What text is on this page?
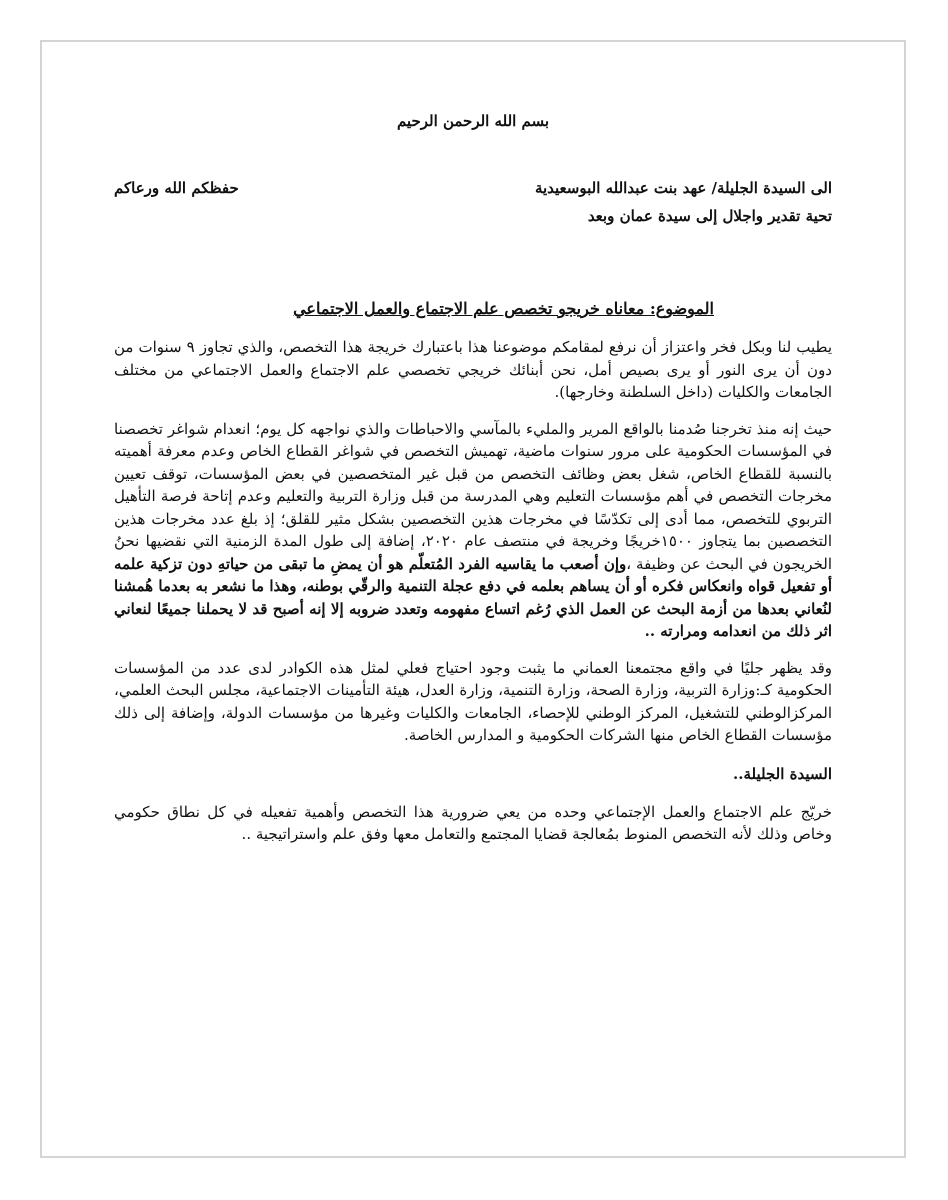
بسم الله الرحمن الرحيم
الى السيدة الجليلة/ عهد بنت عبدالله البوسعيدية
حفظكم الله ورعاكم
تحية تقدير واجلال إلى سيدة عمان وبعد
الموضوع: معاناه خريجو تخصص علم الاجتماع والعمل الاجتماعي

يطيب لنا وبكل فخر واعتزاز أن نرفع لمقامكم موضوعنا هذا باعتبارك خريجة هذا التخصص، والذي تجاوز ٩ سنوات من دون أن يرى النور أو يرى بصيص أمل، نحن أبنائك خريجي تخصصي علم الاجتماع والعمل الاجتماعي من مختلف الجامعات والكليات (داخل السلطنة وخارجها).

حيث إنه منذ تخرجنا صُدمنا بالواقع المرير والمليء بالمآسي والاحباطات والذي نواجهه كل يوم؛ انعدام شواغر تخصصنا في المؤسسات الحكومية على مرور سنوات ماضية، تهميش التخصص في شواغر القطاع الخاص وعدم معرفة أهميته بالنسبة للقطاع الخاص، شغل بعض وظائف التخصص من قبل غير المتخصصين في بعض المؤسسات، توقف تعيين مخرجات التخصص في أهم مؤسسات التعليم وهي المدرسة من قبل وزارة التربية والتعليم وعدم إتاحة فرصة التأهيل التربوي للتخصص، مما أدى إلى تكدّسًا في مخرجات هذين التخصصين بشكل مثير للقلق؛ إذ بلغ عدد مخرجات هذين التخصصين بما يتجاوز ١٥٠٠خريجًا وخريجة في منتصف عام ٢٠٢٠، إضافة إلى طول المدة الزمنية التي نقضيها نحنُ الخريجون في البحث عن وظيفة ،وإن أصعب ما يقاسيه الفرد المُتعلّم هو أن يمضِ ما تبقى من حياتهِ دون تزكية علمه أو تفعيل قواه وانعكاس فكره أو أن يساهم بعلمه في دفع عجلة التنمية والرقّي بوطنه، وهذا ما نشعر به بعدما هُمشنا لنُعاني بعدها من أزمة البحث عن العمل الذي رُغم اتساع مفهومه وتعدد ضروبه إلا إنه أصبح قد لا يحملنا جميعًا لنعاني اثر ذلك من انعدامه ومرارته ..

وقد يظهر جليًا في واقع مجتمعنا العماني ما يثبت وجود احتياج فعلي لمثل هذه الكوادر لدى عدد من المؤسسات الحكومية كـ:وزارة التربية، وزارة الصحة، وزارة التنمية، وزارة العدل، هيئة التأمينات الاجتماعية، مجلس البحث العلمي، المركزالوطني للتشغيل، المركز الوطني للإحصاء، الجامعات والكليات وغيرها من مؤسسات الدولة، وإضافة إلى ذلك مؤسسات القطاع الخاص منها الشركات الحكومية و المدارس الخاصة.

السيدة الجليلة..

خريّج علم الاجتماع والعمل الإجتماعي وحده من يعي ضرورية هذا التخصص وأهمية تفعيله في كل نطاق حكومي وخاص وذلك لأنه التخصص المنوط بمُعالجة قضايا المجتمع والتعامل معها وفق علم واستراتيجية ..
